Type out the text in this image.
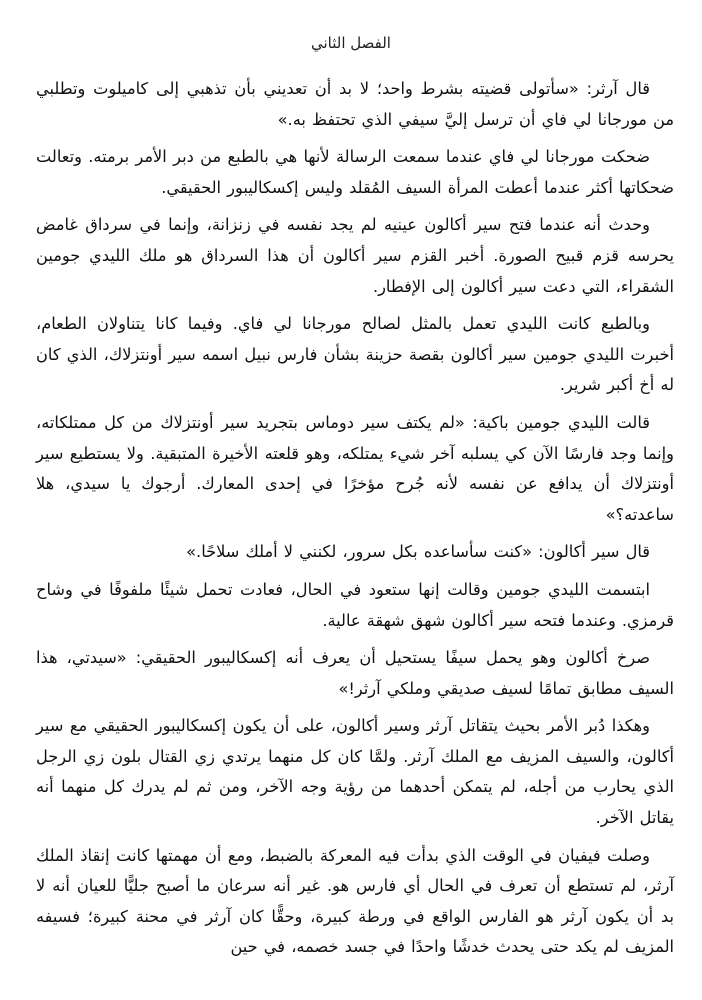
الفصل الثاني

قال آرثر: «سأتولى قضيته بشرط واحد؛ لا بد أن تعديني بأن تذهبي إلى كاميلوت وتطلبي من مورجانا لي فاي أن ترسل إليَّ سيفي الذي تحتفظ به.»

ضحكت مورجانا لي فاي عندما سمعت الرسالة لأنها هي بالطبع من دبر الأمر برمته. وتعالت ضحكاتها أكثر عندما أعطت المرأة السيف المُقلد وليس إكسكاليبور الحقيقي.

وحدث أنه عندما فتح سير أكالون عينيه لم يجد نفسه في زنزانة، وإنما في سرداق غامض يحرسه قزم قبيح الصورة. أخبر القزم سير أكالون أن هذا السرداق هو ملك الليدي جومين الشقراء، التي دعت سير أكالون إلى الإفطار.

وبالطبع كانت الليدي تعمل بالمثل لصالح مورجانا لي فاي. وفيما كانا يتناولان الطعام، أخبرت الليدي جومين سير أكالون بقصة حزينة بشأن فارس نبيل اسمه سير أونتزلاك، الذي كان له أخ أكبر شرير.

قالت الليدي جومين باكية: «لم يكتف سير دوماس بتجريد سير أونتزلاك من كل ممتلكاته، وإنما وجد فارسًا الآن كي يسلبه آخر شيء يمتلكه، وهو قلعته الأخيرة المتبقية. ولا يستطيع سير أونتزلاك أن يدافع عن نفسه لأنه جُرح مؤخرًا في إحدى المعارك. أرجوك يا سيدي، هلا ساعدته؟»

قال سير أكالون: «كنت سأساعده بكل سرور، لكنني لا أملك سلاحًا.»

ابتسمت الليدي جومين وقالت إنها ستعود في الحال، فعادت تحمل شيئًا ملفوفًا في وشاح قرمزي. وعندما فتحه سير أكالون شهق شهقة عالية.

صرخ أكالون وهو يحمل سيفًا يستحيل أن يعرف أنه إكسكاليبور الحقيقي: «سيدتي، هذا السيف مطابق تمامًا لسيف صديقي وملكي آرثر!»

وهكذا دُبر الأمر بحيث يتقاتل آرثر وسير أكالون، على أن يكون إكسكاليبور الحقيقي مع سير أكالون، والسيف المزيف مع الملك آرثر. ولمَّا كان كل منهما يرتدي زي القتال بلون زي الرجل الذي يحارب من أجله، لم يتمكن أحدهما من رؤية وجه الآخر، ومن ثم لم يدرك كل منهما أنه يقاتل الآخر.

وصلت فيفيان في الوقت الذي بدأت فيه المعركة بالضبط، ومع أن مهمتها كانت إنقاذ الملك آرثر، لم تستطع أن تعرف في الحال أي فارس هو. غير أنه سرعان ما أصبح جليًّا للعيان أنه لا بد أن يكون آرثر هو الفارس الواقع في ورطة كبيرة، وحقًّا كان آرثر في محنة كبيرة؛ فسيفه المزيف لم يكد حتى يحدث خدشًا واحدًا في جسد خصمه، في حين
